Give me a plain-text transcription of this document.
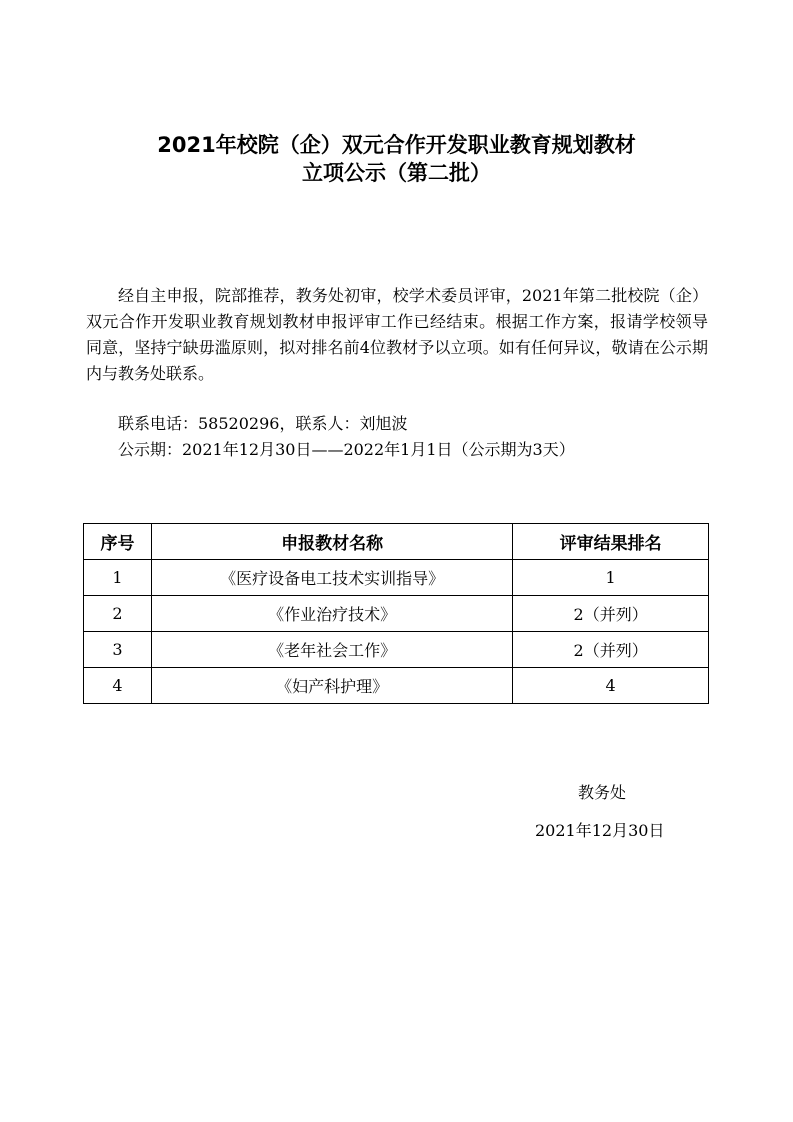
2021年校院（企）双元合作开发职业教育规划教材
立项公示（第二批）
经自主申报，院部推荐，教务处初审，校学术委员评审，2021年第二批校院（企）双元合作开发职业教育规划教材申报评审工作已经结束。根据工作方案，报请学校领导同意，坚持宁缺毋滥原则，拟对排名前4位教材予以立项。如有任何异议，敬请在公示期内与教务处联系。
联系电话：58520296，联系人：刘旭波
公示期：2021年12月30日——2022年1月1日（公示期为3天）
序号	申报教材名称	评审结果排名
1	《医疗设备电工技术实训指导》	1
2	《作业治疗技术》	2（并列）
3	《老年社会工作》	2（并列）
4	《妇产科护理》	4
教务处
2021年12月30日
